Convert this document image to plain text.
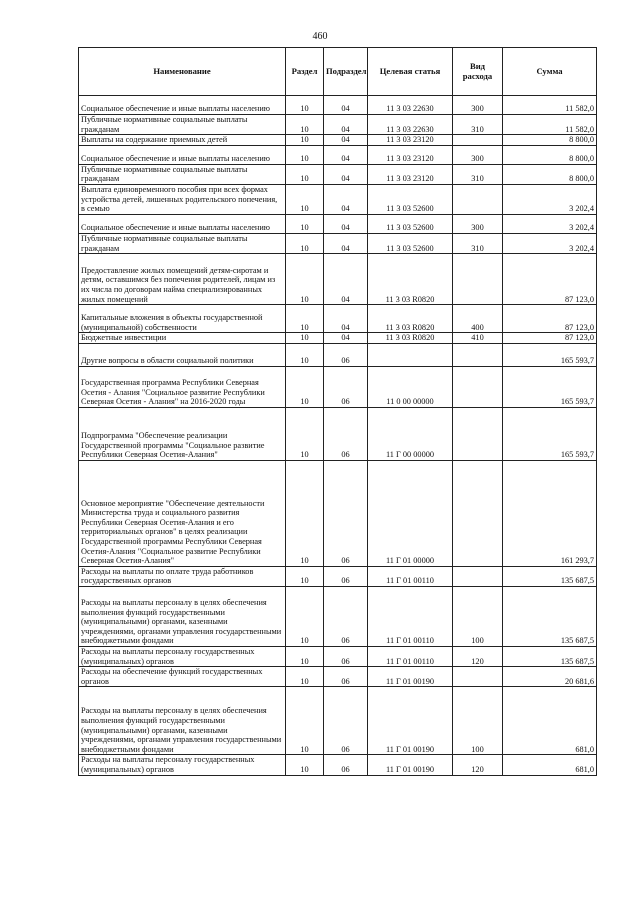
460
Наименование	Раздел	Подраздел	Целевая статья	Вид расхода	Сумма
Социальное обеспечение и иные выплаты населению	10	04	11 3 03 22630	300	11 582,0
Публичные нормативные социальные выплаты гражданам	10	04	11 3 03 22630	310	11 582,0
Выплаты на содержание приемных детей	10	04	11 3 03 23120		8 800,0
Социальное обеспечение и иные выплаты населению	10	04	11 3 03 23120	300	8 800,0
Публичные нормативные социальные выплаты гражданам	10	04	11 3 03 23120	310	8 800,0
Выплата единовременного пособия при всех формах устройства детей, лишенных родительского попечения, в семью	10	04	11 3 03 52600		3 202,4
Социальное обеспечение и иные выплаты населению	10	04	11 3 03 52600	300	3 202,4
Публичные нормативные социальные выплаты гражданам	10	04	11 3 03 52600	310	3 202,4
Предоставление жилых помещений детям-сиротам и детям, оставшимся без попечения родителей, лицам из их числа по договорам найма специализированных жилых помещений	10	04	11 3 03 R0820		87 123,0
Капитальные вложения в объекты государственной (муниципальной) собственности	10	04	11 3 03 R0820	400	87 123,0
Бюджетные инвестиции	10	04	11 3 03 R0820	410	87 123,0
Другие вопросы в области социальной политики	10	06			165 593,7
Государственная программа Республики Северная Осетия - Алания "Социальное развитие Республики Северная Осетия - Алания" на 2016-2020 годы	10	06	11 0 00 00000		165 593,7
Подпрограмма "Обеспечение реализации Государственной программы "Социальное развитие Республики Северная Осетия-Алания"	10	06	11 Г 00 00000		165 593,7
Основное мероприятие "Обеспечение деятельности Министерства труда и социального развития Республики Северная Осетия-Алания и его территориальных органов" в целях реализации Государственной программы Республики Северная Осетия-Алания "Социальное развитие Республики Северная Осетия-Алания"	10	06	11 Г 01 00000		161 293,7
Расходы на выплаты по оплате труда работников государственных органов	10	06	11 Г 01 00110		135 687,5
Расходы на выплаты персоналу в целях обеспечения выполнения функций государственными (муниципальными) органами, казенными учреждениями, органами управления государственными внебюджетными фондами	10	06	11 Г 01 00110	100	135 687,5
Расходы на выплаты персоналу государственных (муниципальных) органов	10	06	11 Г 01 00110	120	135 687,5
Расходы на обеспечение функций государственных органов	10	06	11 Г 01 00190		20 681,6
Расходы на выплаты персоналу в целях обеспечения выполнения функций государственными (муниципальными) органами, казенными учреждениями, органами управления государственными внебюджетными фондами	10	06	11 Г 01 00190	100	681,0
Расходы на выплаты персоналу государственных (муниципальных) органов	10	06	11 Г 01 00190	120	681,0
